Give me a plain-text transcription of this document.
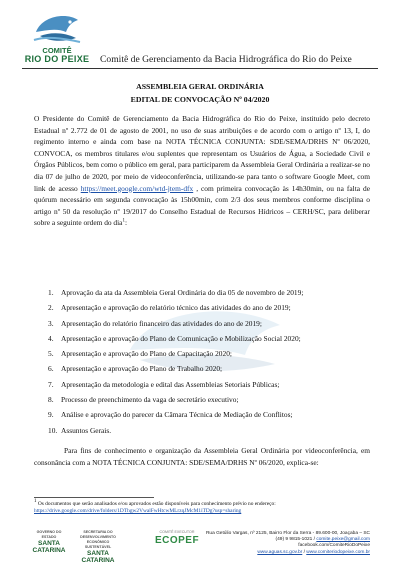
COMITÊ
RIO DO PEIXE Comitê de Gerenciamento da Bacia Hidrográfica do Rio do Peixe
ASSEMBLEIA GERAL ORDINÁRIA
EDITAL DE CONVOCAÇÃO Nº 04/2020
O Presidente do Comitê de Gerenciamento da Bacia Hidrográfica do Rio do Peixe, instituído pelo decreto Estadual nº 2.772 de 01 de agosto de 2001, no uso de suas atribuições e de acordo com o artigo nº 13, I, do regimento interno e ainda com base na NOTA TÉCNICA CONJUNTA: SDE/SEMA/DRHS Nº 06/2020, CONVOCA, os membros titulares e/ou suplentes que representam os Usuários de Água, a Sociedade Civil e Órgãos Públicos, bem como o público em geral, para participarem da Assembleia Geral Ordinária a realizar-se no dia 07 de julho de 2020, por meio de videoconferência, utilizando-se para tanto o software Google Meet, com link de acesso https://meet.google.com/wtd-jtem-dfx , com primeira convocação às 14h30min, ou na falta de quórum necessário em segunda convocação às 15h00min, com 2/3 dos seus membros conforme disciplina o artigo nº 50 da resolução nº 19/2017 do Conselho Estadual de Recursos Hídricos – CERH/SC, para deliberar sobre a seguinte ordem do dia$^1$:
1. Aprovação da ata da Assembleia Geral Ordinária do dia 05 de novembro de 2019;
2. Apresentação e aprovação do relatório técnico das atividades do ano de 2019;
3. Apresentação do relatório financeiro das atividades do ano de 2019;
4. Apresentação e aprovação do Plano de Comunicação e Mobilização Social 2020;
5. Apresentação e aprovação do Plano de Capacitação 2020;
6. Apresentação e aprovação do Plano de Trabalho 2020;
7. Apresentação da metodologia e edital das Assembleias Setoriais Públicas;
8. Processo de preenchimento da vaga de secretário executivo;
9. Análise e aprovação do parecer da Câmara Técnica de Mediação de Conflitos;
10. Assuntos Gerais.
Para fins de conhecimento e organização da Assembleia Geral Ordinária por videoconferência, em consonância com a NOTA TÉCNICA CONJUNTA: SDE/SEMA/DRHS Nº 06/2020, explica-se:
$^1$ Os documentos que serão analisados e/ou aprovados estão disponíveis para conhecimento prévio no endereço: https://drive.google.com/drive/folders/1DThgw2VwalFwHtcwMLrzqJMcM1iTDg?usp=sharing
GOVERNO DO ESTADO
SANTA CATARINA
SECRETARIA DO DESENVOLVIMENTO ECONÔMICO SUSTENTÁVEL
SANTA CATARINA
COMITÊ EXECUTOR
ECOPEF
Rua Getúlio Vargas, nº 2125, Bairro Flor da Serra - 89.600-00, Joaçaba – SC
(49) 9 9815-1021 / comite.peixe@gmail.com
facebook.com/ComiteRioDoPeixe
www.aguas.sc.gov.br / www.comiteriodopeixe.com.br
